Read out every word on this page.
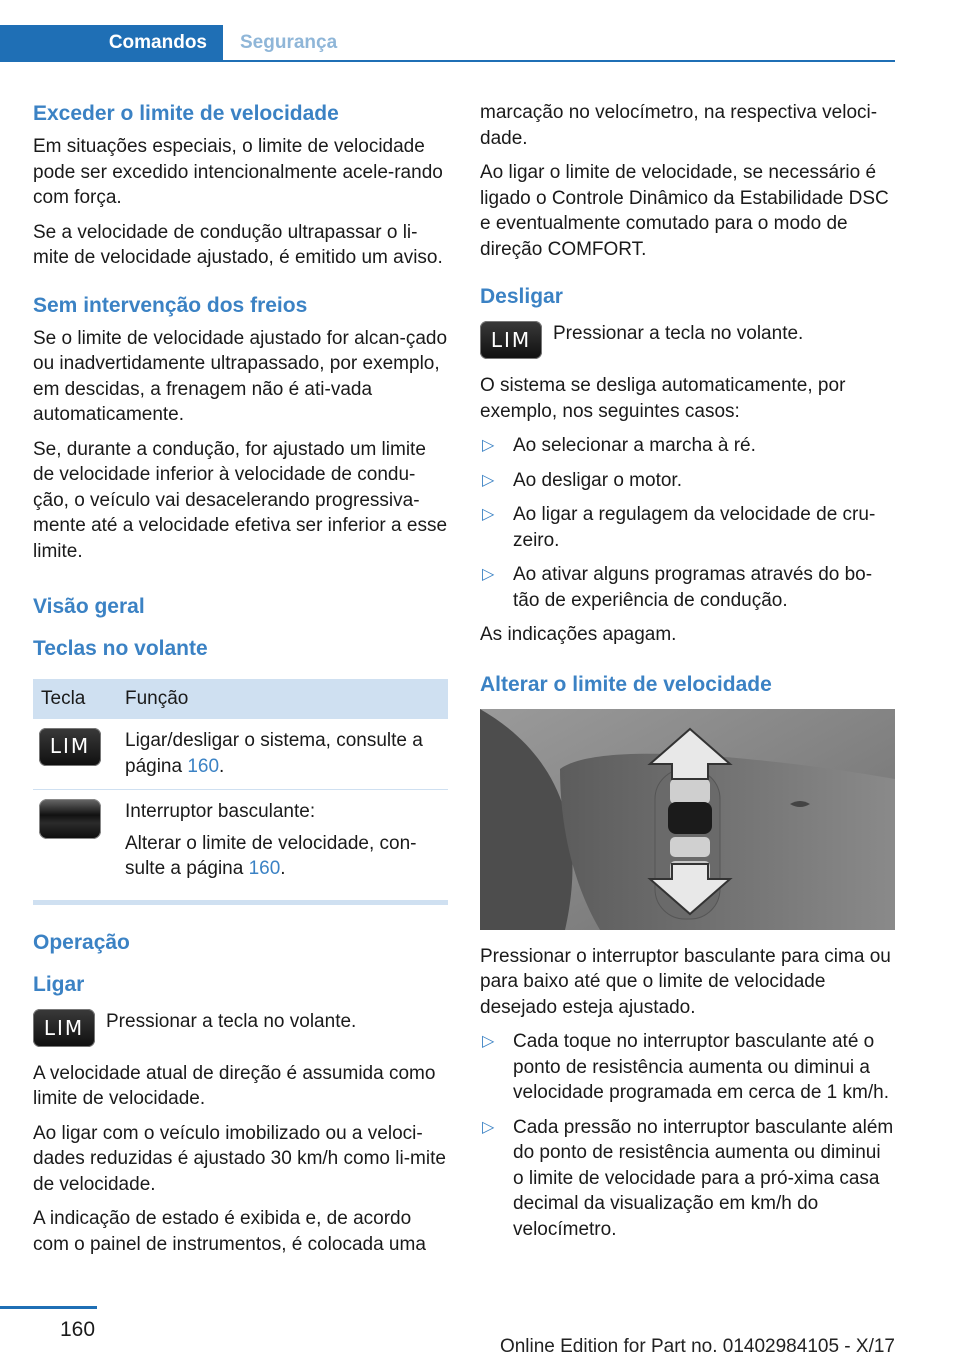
Comandos	Segurança
Exceder o limite de velocidade

Em situações especiais, o limite de velocidade pode ser excedido intencionalmente acele-rando com força.

Se a velocidade de condução ultrapassar o li-mite de velocidade ajustado, é emitido um aviso.

Sem intervenção dos freios

Se o limite de velocidade ajustado for alcan-çado ou inadvertidamente ultrapassado, por exemplo, em descidas, a frenagem não é ati-vada automaticamente.

Se, durante a condução, for ajustado um limite de velocidade inferior à velocidade de condu-ção, o veículo vai desacelerando progressiva-mente até a velocidade efetiva ser inferior a esse limite.

Visão geral
Teclas no volante
Tecla	Função
LIM	Ligar/desligar o sistema, consulte a página 160.

	Interruptor basculante:

Alterar o limite de velocidade, con-sulte a página 160.
Operação
Ligar
LIM	Pressionar a tecla no volante.

A velocidade atual de direção é assumida como limite de velocidade.

Ao ligar com o veículo imobilizado ou a veloci-dades reduzidas é ajustado 30 km/h como li-mite de velocidade.

A indicação de estado é exibida e, de acordo com o painel de instrumentos, é colocada uma

marcação no velocímetro, na respectiva veloci-dade.

Ao ligar o limite de velocidade, se necessário é ligado o Controle Dinâmico da Estabilidade DSC e eventualmente comutado para o modo de direção COMFORT.

Desligar
LIM	Pressionar a tecla no volante.

O sistema se desliga automaticamente, por exemplo, nos seguintes casos:

▷ Ao selecionar a marcha à ré.
▷ Ao desligar o motor.
▷ Ao ligar a regulagem da velocidade de cru-zeiro.
▷ Ao ativar alguns programas através do bo-tão de experiência de condução.

As indicações apagam.

Alterar o limite de velocidade

Pressionar o interruptor basculante para cima ou para baixo até que o limite de velocidade desejado esteja ajustado.

▷ Cada toque no interruptor basculante até o ponto de resistência aumenta ou diminui a velocidade programada em cerca de 1 km/h.
▷ Cada pressão no interruptor basculante além do ponto de resistência aumenta ou diminui o limite de velocidade para a pró-xima casa decimal da visualização em km/h do velocímetro.
160
Online Edition for Part no. 01402984105 - X/17
